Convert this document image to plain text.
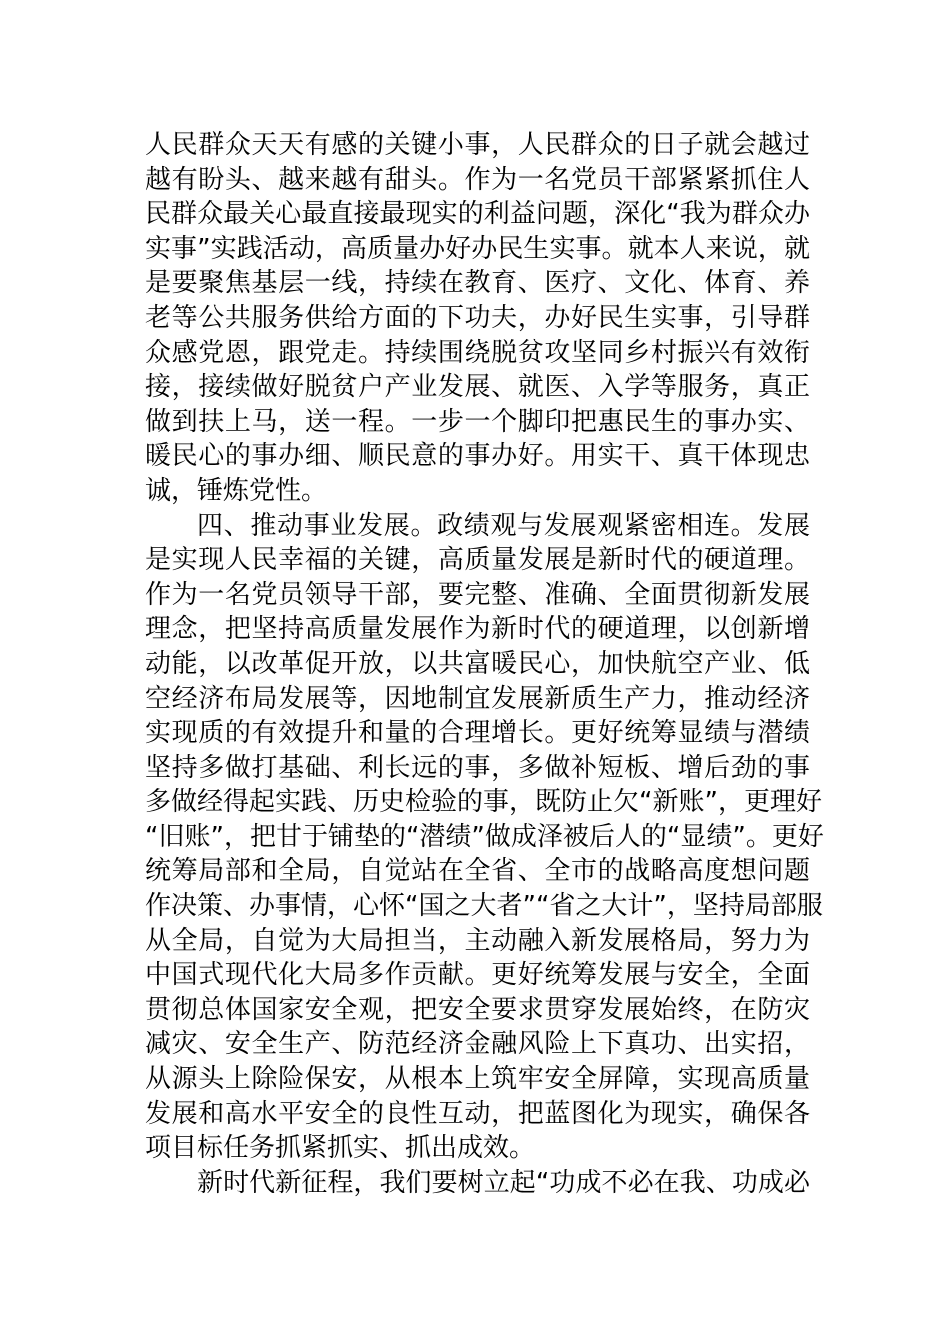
人民群众天天有感的关键小事，人民群众的日子就会越过
越有盼头、越来越有甜头。作为一名党员干部紧紧抓住人
民群众最关心最直接最现实的利益问题，深化“我为群众办
实事”实践活动，高质量办好办民生实事。就本人来说，就
是要聚焦基层一线，持续在教育、医疗、文化、体育、养
老等公共服务供给方面的下功夫，办好民生实事，引导群
众感党恩，跟党走。持续围绕脱贫攻坚同乡村振兴有效衔
接，接续做好脱贫户产业发展、就医、入学等服务，真正
做到扶上马，送一程。一步一个脚印把惠民生的事办实、
暖民心的事办细、顺民意的事办好。用实干、真干体现忠
诚，锤炼党性。
四、推动事业发展。政绩观与发展观紧密相连。发展
是实现人民幸福的关键，高质量发展是新时代的硬道理。
作为一名党员领导干部，要完整、准确、全面贯彻新发展
理念，把坚持高质量发展作为新时代的硬道理，以创新增
动能，以改革促开放，以共富暖民心，加快航空产业、低
空经济布局发展等，因地制宜发展新质生产力，推动经济
实现质的有效提升和量的合理增长。更好统筹显绩与潜绩
坚持多做打基础、利长远的事，多做补短板、增后劲的事
多做经得起实践、历史检验的事，既防止欠“新账”，更理好
“旧账”，把甘于铺垫的“潜绩”做成泽被后人的“显绩”。更好
统筹局部和全局，自觉站在全省、全市的战略高度想问题
作决策、办事情，心怀“国之大者”“省之大计”，坚持局部服
从全局，自觉为大局担当，主动融入新发展格局，努力为
中国式现代化大局多作贡献。更好统筹发展与安全，全面
贯彻总体国家安全观，把安全要求贯穿发展始终，在防灾
减灾、安全生产、防范经济金融风险上下真功、出实招，
从源头上除险保安，从根本上筑牢安全屏障，实现高质量
发展和高水平安全的良性互动，把蓝图化为现实，确保各
项目标任务抓紧抓实、抓出成效。
新时代新征程，我们要树立起“功成不必在我、功成必
